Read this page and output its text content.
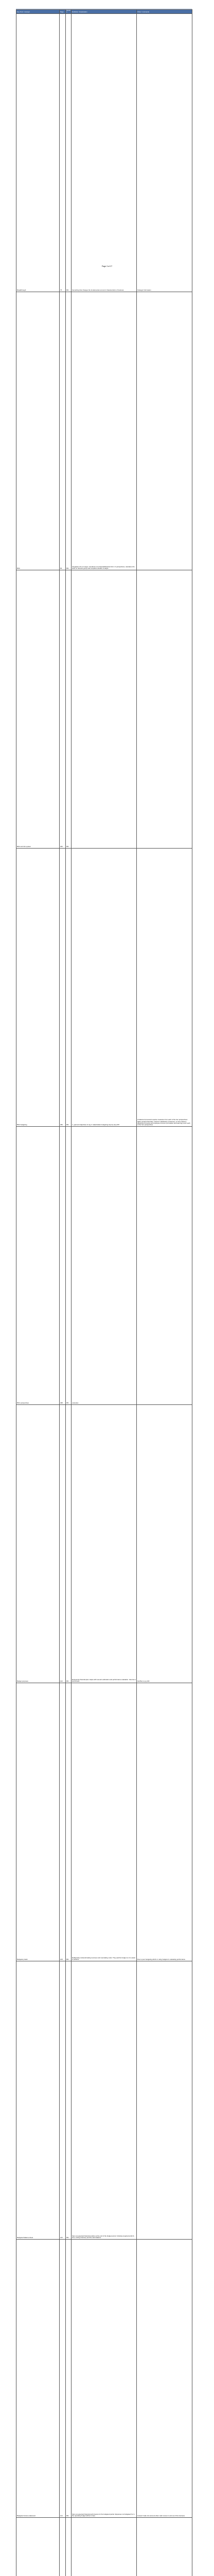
Key Term / concept	Page	Module	Definition / Explanation	Other / comments
Breakthrough	75	MS	Something that changes the fundamental economic characteristics of business	Strategic Information
BSC	82	MS	Integrates info in 3 ways: Combines non-financial/financial info in 4 perspectives, cascades info down to relevant group and compares actuals vs target	
BSC and info system	363	MS		
BSC budgeting	256	MS	1. goal and objectives of org 2. stakeholders budgeting step by step 257	A balanced scorecard requires measures from each of the four perspectives: Sales growth (financial), customer satisfaction (customer), on-time delivery (Business Process) and employee turnover (innovation and learning) cover each of the four perspectives.
BSC perspectives	298	MS	examples	
Budget purposes	102	MS	Represents financial plan. Helps with resource allocation and performance evaluation. Used as a benchmark	Fail Bel on pg 103
Budgetary slack	105	MS	Deliberately underestimating revenues and overstating costs. They pad the budget so it is easier to achieve.	Due to poor budgeting which or using budgets in evaluating performance
Budgeted balance sheet	115	MS	Sets out expected financial position at the end of the budget period. Includes projected profit & loss, ending inventory and the cash balance.	
Budgeted income statement	114	MS	Sets out expected financial performance for the budgeted period. Expenses not budgeted for in the operating budget will be in here.	It doesn't take into account when cash comes in and out of the business.

Page 3 of 27
